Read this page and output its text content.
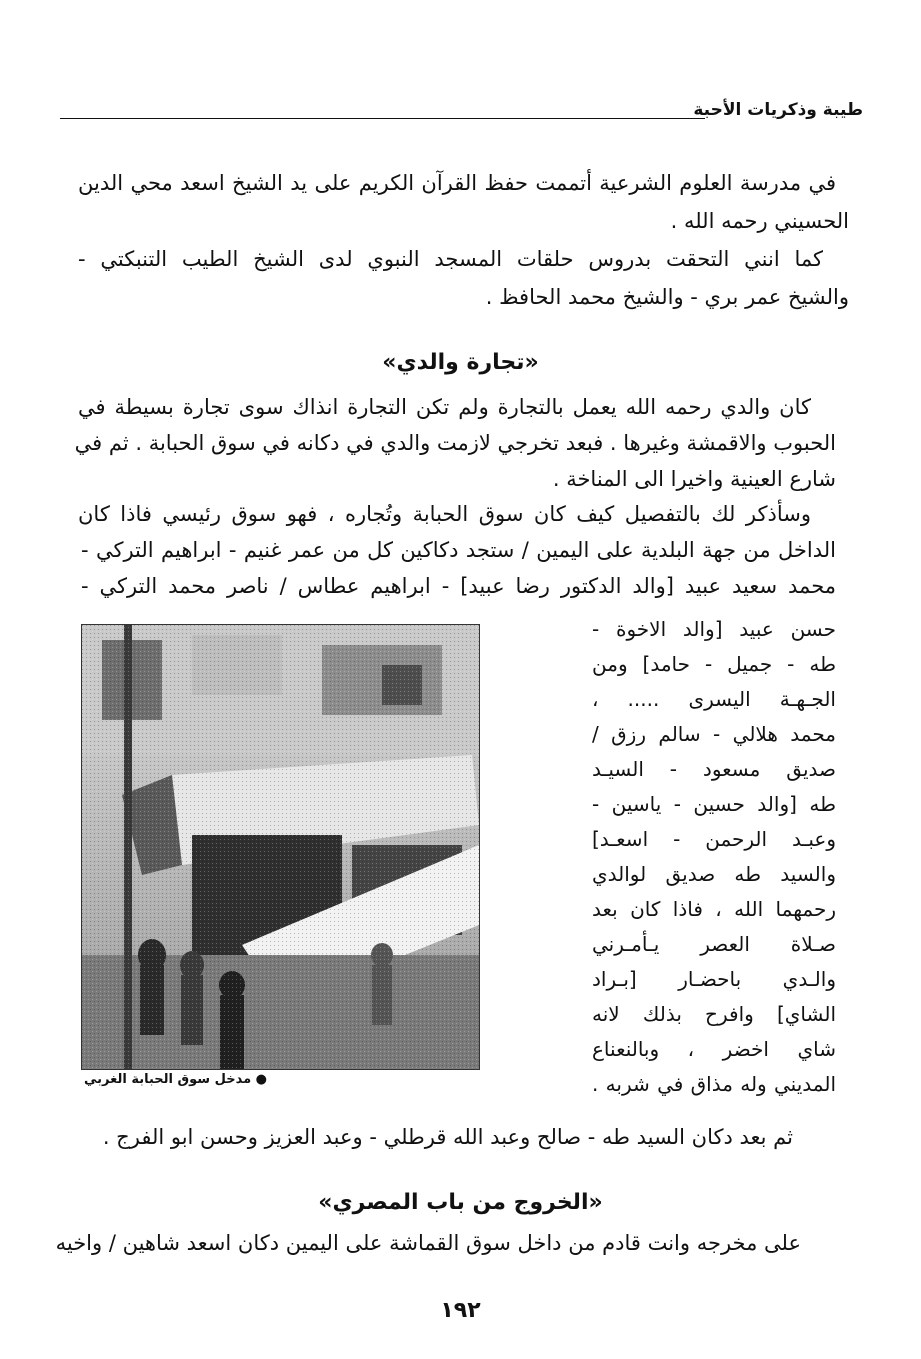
طيبة وذكريات الأحبة
في مدرسة العلوم الشرعية أتممت حفظ القرآن الكريم على يد الشيخ اسعد محي الدين
الحسيني رحمه الله .
كما انني التحقت بدروس حلقات المسجد النبوي لدى الشيخ الطيب التنبكتي -
والشيخ عمر بري - والشيخ محمد الحافظ .
«تجارة والدي»
كان والدي رحمه الله يعمل بالتجارة ولم تكن التجارة انذاك سوى تجارة بسيطة في
الحبوب والاقمشة وغيرها . فبعد تخرجي لازمت والدي في دكانه في سوق الحبابة . ثم في
شارع العينية واخيرا الى المناخة .
وسأذكر لك بالتفصيل كيف كان سوق الحبابة وتُجاره ، فهو سوق رئيسي فاذا كان
الداخل من جهة البلدية على اليمين / ستجد دكاكين كل من عمر غنيم - ابراهيم التركي -
محمد سعيد عبيد [والد الدكتور رضا عبيد] - ابراهيم عطاس / ناصر محمد التركي -
حسن عبيد [والد الاخوة -
طه - جميل - حامد] ومن
الجـهـة اليسرى ..... ،
محمد هلالي - سالم رزق /
صديق مسعود - السيـد
طه [والد حسين - ياسين -
وعبـد الرحمن - اسعـد]
والسيد طه صديق لوالدي
رحمهما الله ، فاذا كان بعد
صـلاة العصر يـأمـرني
والـدي باحضـار [بـراد
الشاي] وافرح بذلك لانه
شاي اخضر ، وبالنعناع
المديني وله مذاق في شربه .
● مدخل سوق الحبابة الغربي
ثم بعد دكان السيد طه - صالح وعبد الله قرطلي - وعبد العزيز وحسن ابو الفرج .
«الخروج من باب المصري»
على مخرجه وانت قادم من داخل سوق القماشة على اليمين دكان اسعد شاهين / واخيه
١٩٢
